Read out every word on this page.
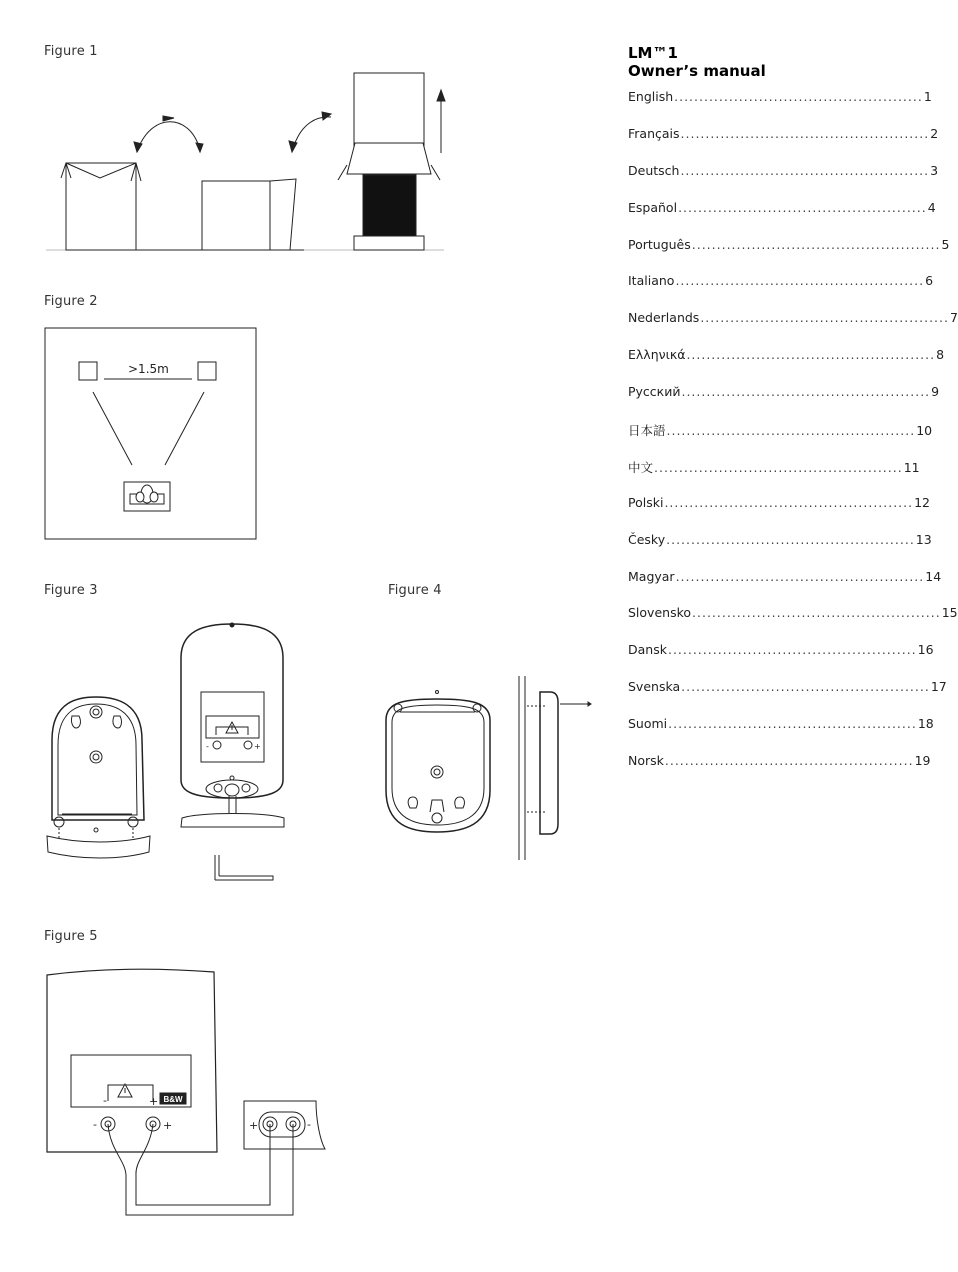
Figure 1
Figure 2
Figure 3	Figure 4
Figure 5
LM™1
Owner’s manual
English .................................................. 1
Français .................................................. 2
Deutsch .................................................. 3
Español .................................................. 4
Português .................................................. 5
Italiano .................................................. 6
Nederlands .................................................. 7
Ελληνικά .................................................. 8
Русский .................................................. 9
日本語 .................................................. 10
中文 .................................................. 11
Polski .................................................. 12
Česky .................................................. 13
Magyar .................................................. 14
Slovensko .................................................. 15
Dansk .................................................. 16
Svenska .................................................. 17
Suomi .................................................. 18
Norsk .................................................. 19
>1.5m
-	+
B&W
-	+
-	+	+	-
